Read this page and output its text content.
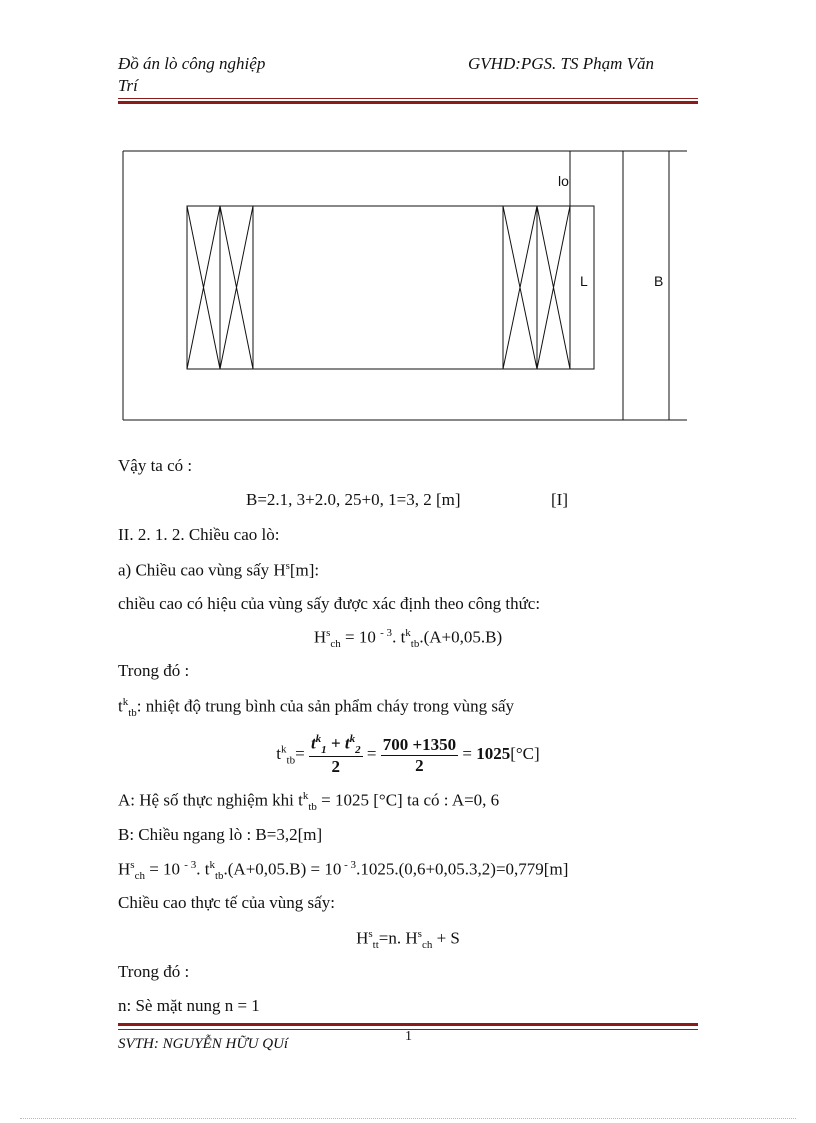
Đồ án lò công nghiệp
Trí
GVHD:PGS. TS Phạm Văn
lo
L	B
Vậy ta có :
B=2.1, 3+2.0, 25+0, 1=3, 2 [m]	[I]
II. 2. 1. 2. Chiều cao lò:
a) Chiều cao vùng sấy $H^s[m]$:
chiều cao có hiệu của vùng sấy được xác định theo công thức:
$H^s_{ch} = 10$ $^{- 3}$. $t^k_{tb}.(A+0,05.B)$
Trong đó :
$t^k_{tb}$: nhiệt độ trung bình của sản phẩm cháy trong vùng sấy
$t^k_{tb}= \frac{t^k_1 + t^k_2}{2} = \frac{700 +1350}{2} = 1025[^\circ C]$
A: Hệ số thực nghiệm khi $t^k_{tb} = 1025$ [°C] ta có : A=0, 6
B: Chiều ngang lò : B=3,2[m]
$H^s_{ch} = 10$ $^{- 3}$. $t^k_{tb}.(A+0,05.B) = 10$ $^{- 3}$.1025.(0,6+0,05.3,2)=0,779[m]
Chiều cao thực tế của vùng sấy:
$H^s_{tt}=n$. $H^s_{ch} + S$
Trong đó :
n: Sè mặt nung n = 1
SVTH: NGUYỄN HỮU QUí	1
